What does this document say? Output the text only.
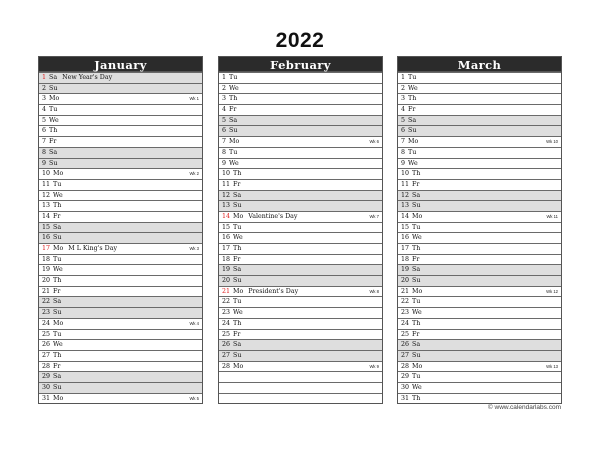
2022
January
1 Sa New Year's Day
2 Su
3 Mo	Wk 1
4 Tu
5 We
6 Th
7 Fr
8 Sa
9 Su
10 Mo	Wk 2
11 Tu
12 We
13 Th
14 Fr
15 Sa
16 Su
17 Mo M L King's Day	Wk 3
18 Tu
19 We
20 Th
21 Fr
22 Sa
23 Su
24 Mo	Wk 4
25 Tu
26 We
27 Th
28 Fr
29 Sa
30 Su
31 Mo	Wk 5
February
1 Tu
2 We
3 Th
4 Fr
5 Sa
6 Su
7 Mo	Wk 6
8 Tu
9 We
10 Th
11 Fr
12 Sa
13 Su
14 Mo Valentine's Day	Wk 7
15 Tu
16 We
17 Th
18 Fr
19 Sa
20 Su
21 Mo President's Day	Wk 8
22 Tu
23 We
24 Th
25 Fr
26 Sa
27 Su
28 Mo	Wk 9
March
1 Tu
2 We
3 Th
4 Fr
5 Sa
6 Su
7 Mo	Wk 10
8 Tu
9 We
10 Th
11 Fr
12 Sa
13 Su
14 Mo	Wk 11
15 Tu
16 We
17 Th
18 Fr
19 Sa
20 Su
21 Mo	Wk 12
22 Tu
23 We
24 Th
25 Fr
26 Sa
27 Su
28 Mo	Wk 13
29 Tu
30 We
31 Th
© www.calendarlabs.com
